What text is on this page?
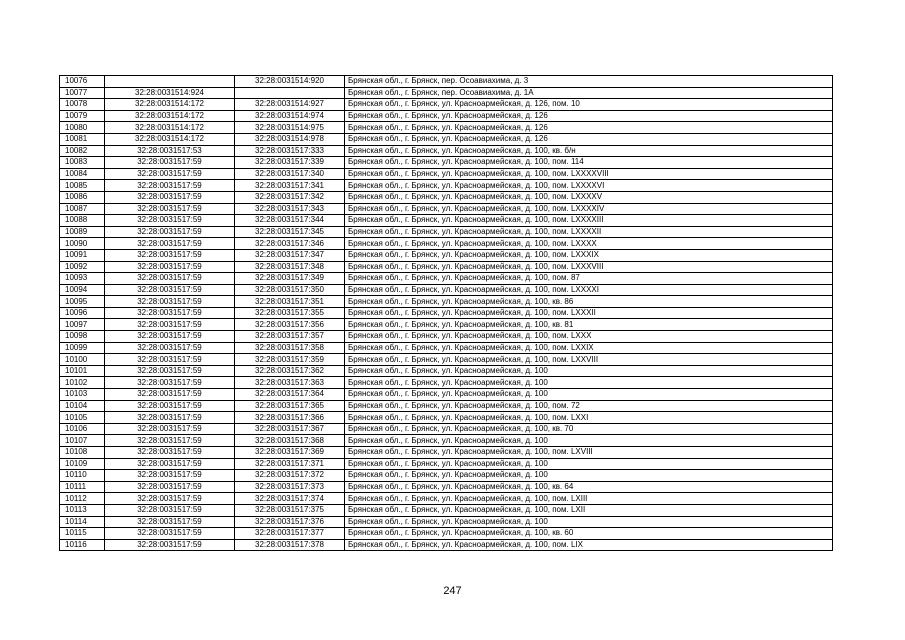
10076		32:28:0031514:920	Брянская обл., г. Брянск, пер. Осоавиахима, д. 3
10077	32:28:0031514:924		Брянская обл., г. Брянск, пер. Осоавиахима, д. 1А
10078	32:28:0031514:172	32:28:0031514:927	Брянская обл., г. Брянск, ул. Красноармейская, д. 126, пом. 10
10079	32:28:0031514:172	32:28:0031514:974	Брянская обл., г. Брянск, ул. Красноармейская, д. 126
10080	32:28:0031514:172	32:28:0031514:975	Брянская обл., г. Брянск, ул. Красноармейская, д. 126
10081	32:28:0031514:172	32:28:0031514:978	Брянская обл., г. Брянск, ул. Красноармейская, д. 126
10082	32:28:0031517:53	32:28:0031517:333	Брянская обл., г. Брянск, ул. Красноармейская, д. 100, кв. б/н
10083	32:28:0031517:59	32:28:0031517:339	Брянская обл., г. Брянск, ул. Красноармейская, д. 100, пом. 114
10084	32:28:0031517:59	32:28:0031517:340	Брянская обл., г. Брянск, ул. Красноармейская, д. 100, пом. LXXXXVIII
10085	32:28:0031517:59	32:28:0031517:341	Брянская обл., г. Брянск, ул. Красноармейская, д. 100, пом. LXXXXVI
10086	32:28:0031517:59	32:28:0031517:342	Брянская обл., г. Брянск, ул. Красноармейская, д. 100, пом. LXXXXV
10087	32:28:0031517:59	32:28:0031517:343	Брянская обл., г. Брянск, ул. Красноармейская, д. 100, пом. LXXXXIV
10088	32:28:0031517:59	32:28:0031517:344	Брянская обл., г. Брянск, ул. Красноармейская, д. 100, пом. LXXXXIII
10089	32:28:0031517:59	32:28:0031517:345	Брянская обл., г. Брянск, ул. Красноармейская, д. 100, пом. LXXXXII
10090	32:28:0031517:59	32:28:0031517:346	Брянская обл., г. Брянск, ул. Красноармейская, д. 100, пом. LXXXX
10091	32:28:0031517:59	32:28:0031517:347	Брянская обл., г. Брянск, ул. Красноармейская, д. 100, пом. LXXXIX
10092	32:28:0031517:59	32:28:0031517:348	Брянская обл., г. Брянск, ул. Красноармейская, д. 100, пом. LXXXVIII
10093	32:28:0031517:59	32:28:0031517:349	Брянская обл., г. Брянск, ул. Красноармейская, д. 100, пом. 87
10094	32:28:0031517:59	32:28:0031517:350	Брянская обл., г. Брянск, ул. Красноармейская, д. 100, пом. LXXXXI
10095	32:28:0031517:59	32:28:0031517:351	Брянская обл., г. Брянск, ул. Красноармейская, д. 100, кв. 86
10096	32:28:0031517:59	32:28:0031517:355	Брянская обл., г. Брянск, ул. Красноармейская, д. 100, пом. LXXXII
10097	32:28:0031517:59	32:28:0031517:356	Брянская обл., г. Брянск, ул. Красноармейская, д. 100, кв. 81
10098	32:28:0031517:59	32:28:0031517:357	Брянская обл., г. Брянск, ул. Красноармейская, д. 100, пом. LXXX
10099	32:28:0031517:59	32:28:0031517:358	Брянская обл., г. Брянск, ул. Красноармейская, д. 100, пом. LXXIX
10100	32:28:0031517:59	32:28:0031517:359	Брянская обл., г. Брянск, ул. Красноармейская, д. 100, пом. LXXVIII
10101	32:28:0031517:59	32:28:0031517:362	Брянская обл., г. Брянск, ул. Красноармейская, д. 100
10102	32:28:0031517:59	32:28:0031517:363	Брянская обл., г. Брянск, ул. Красноармейская, д. 100
10103	32:28:0031517:59	32:28:0031517:364	Брянская обл., г. Брянск, ул. Красноармейская, д. 100
10104	32:28:0031517:59	32:28:0031517:365	Брянская обл., г. Брянск, ул. Красноармейская, д. 100, пом. 72
10105	32:28:0031517:59	32:28:0031517:366	Брянская обл., г. Брянск, ул. Красноармейская, д. 100, пом. LXXI
10106	32:28:0031517:59	32:28:0031517:367	Брянская обл., г. Брянск, ул. Красноармейская, д. 100, кв. 70
10107	32:28:0031517:59	32:28:0031517:368	Брянская обл., г. Брянск, ул. Красноармейская, д. 100
10108	32:28:0031517:59	32:28:0031517:369	Брянская обл., г. Брянск, ул. Красноармейская, д. 100, пом. LXVIII
10109	32:28:0031517:59	32:28:0031517:371	Брянская обл., г. Брянск, ул. Красноармейская, д. 100
10110	32:28:0031517:59	32:28:0031517:372	Брянская обл., г. Брянск, ул. Красноармейская, д. 100
10111	32:28:0031517:59	32:28:0031517:373	Брянская обл., г. Брянск, ул. Красноармейская, д. 100, кв. 64
10112	32:28:0031517:59	32:28:0031517:374	Брянская обл., г. Брянск, ул. Красноармейская, д. 100, пом. LXIII
10113	32:28:0031517:59	32:28:0031517:375	Брянская обл., г. Брянск, ул. Красноармейская, д. 100, пом. LXII
10114	32:28:0031517:59	32:28:0031517:376	Брянская обл., г. Брянск, ул. Красноармейская, д. 100
10115	32:28:0031517:59	32:28:0031517:377	Брянская обл., г. Брянск, ул. Красноармейская, д. 100, кв. 60
10116	32:28:0031517:59	32:28:0031517:378	Брянская обл., г. Брянск, ул. Красноармейская, д. 100, пом. LIX
247
